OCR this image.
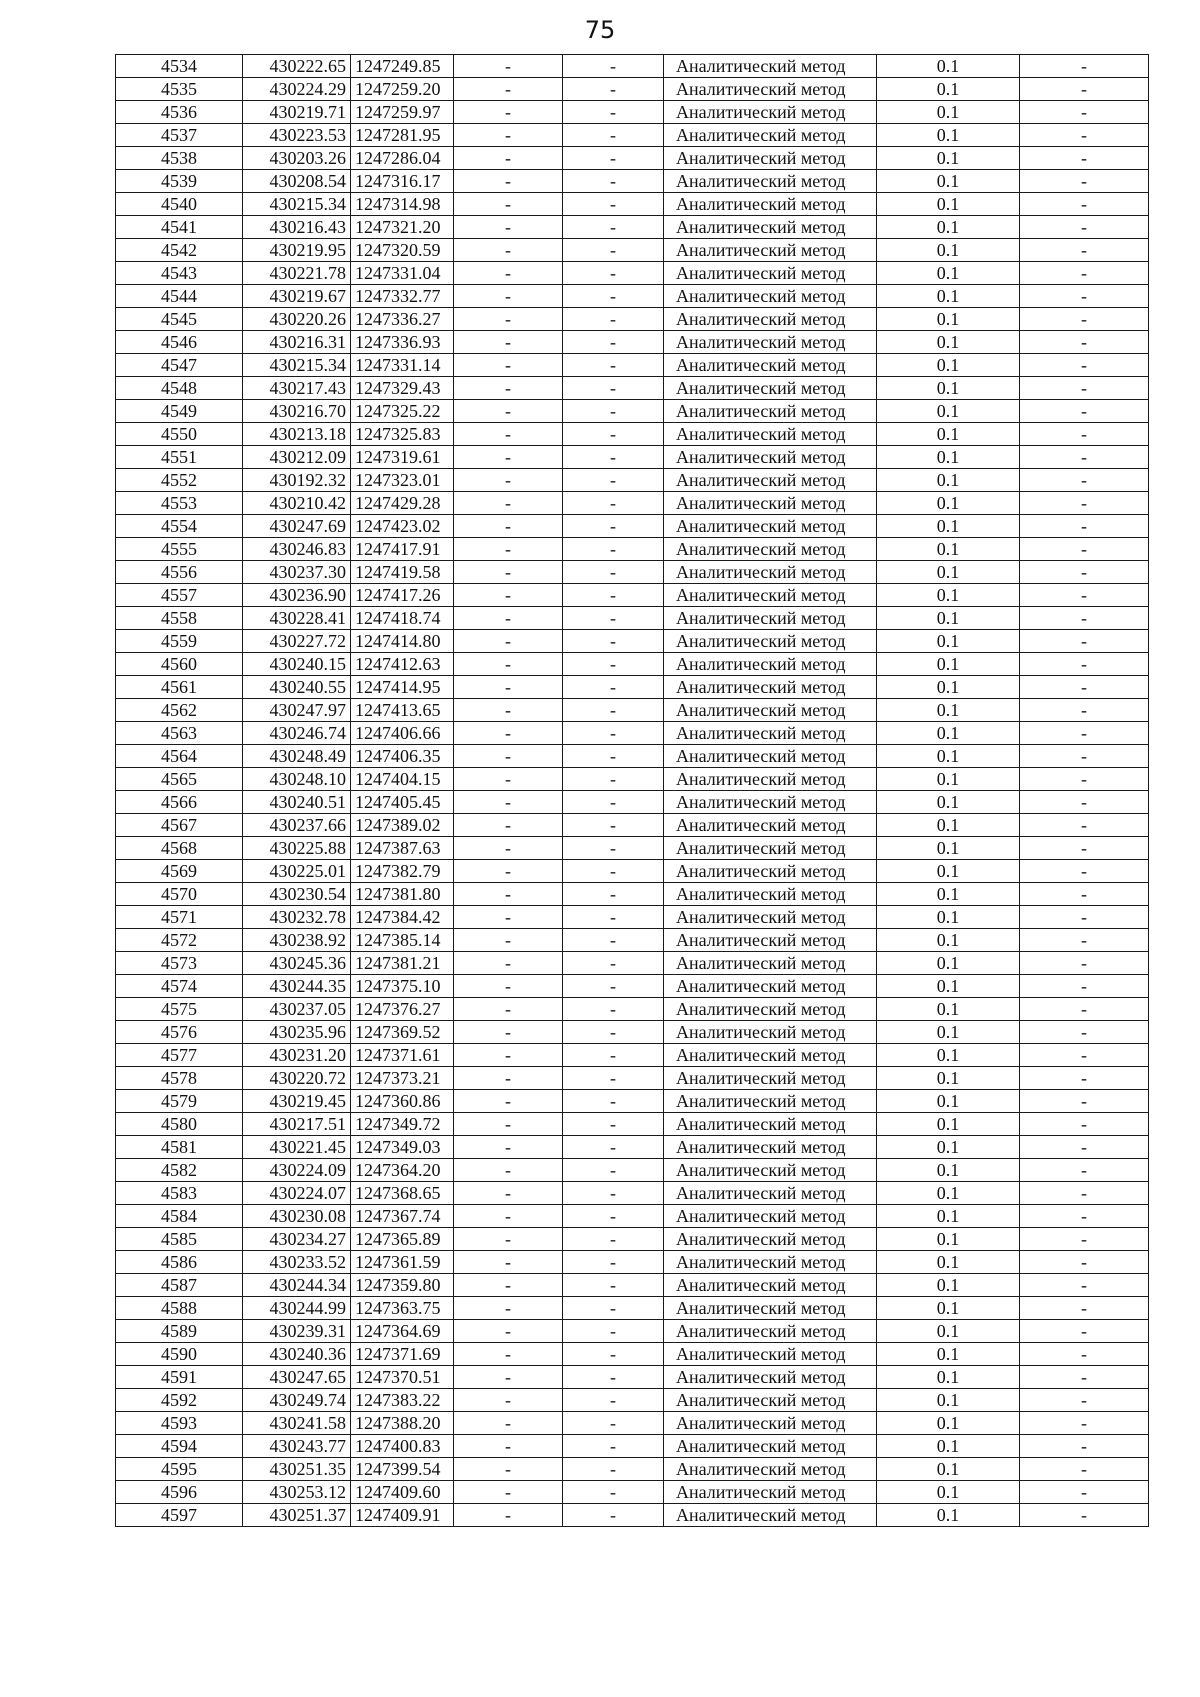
75
4534	430222.65	1247249.85	-	-	Аналитический метод	0.1	-
4535	430224.29	1247259.20	-	-	Аналитический метод	0.1	-
4536	430219.71	1247259.97	-	-	Аналитический метод	0.1	-
4537	430223.53	1247281.95	-	-	Аналитический метод	0.1	-
4538	430203.26	1247286.04	-	-	Аналитический метод	0.1	-
4539	430208.54	1247316.17	-	-	Аналитический метод	0.1	-
4540	430215.34	1247314.98	-	-	Аналитический метод	0.1	-
4541	430216.43	1247321.20	-	-	Аналитический метод	0.1	-
4542	430219.95	1247320.59	-	-	Аналитический метод	0.1	-
4543	430221.78	1247331.04	-	-	Аналитический метод	0.1	-
4544	430219.67	1247332.77	-	-	Аналитический метод	0.1	-
4545	430220.26	1247336.27	-	-	Аналитический метод	0.1	-
4546	430216.31	1247336.93	-	-	Аналитический метод	0.1	-
4547	430215.34	1247331.14	-	-	Аналитический метод	0.1	-
4548	430217.43	1247329.43	-	-	Аналитический метод	0.1	-
4549	430216.70	1247325.22	-	-	Аналитический метод	0.1	-
4550	430213.18	1247325.83	-	-	Аналитический метод	0.1	-
4551	430212.09	1247319.61	-	-	Аналитический метод	0.1	-
4552	430192.32	1247323.01	-	-	Аналитический метод	0.1	-
4553	430210.42	1247429.28	-	-	Аналитический метод	0.1	-
4554	430247.69	1247423.02	-	-	Аналитический метод	0.1	-
4555	430246.83	1247417.91	-	-	Аналитический метод	0.1	-
4556	430237.30	1247419.58	-	-	Аналитический метод	0.1	-
4557	430236.90	1247417.26	-	-	Аналитический метод	0.1	-
4558	430228.41	1247418.74	-	-	Аналитический метод	0.1	-
4559	430227.72	1247414.80	-	-	Аналитический метод	0.1	-
4560	430240.15	1247412.63	-	-	Аналитический метод	0.1	-
4561	430240.55	1247414.95	-	-	Аналитический метод	0.1	-
4562	430247.97	1247413.65	-	-	Аналитический метод	0.1	-
4563	430246.74	1247406.66	-	-	Аналитический метод	0.1	-
4564	430248.49	1247406.35	-	-	Аналитический метод	0.1	-
4565	430248.10	1247404.15	-	-	Аналитический метод	0.1	-
4566	430240.51	1247405.45	-	-	Аналитический метод	0.1	-
4567	430237.66	1247389.02	-	-	Аналитический метод	0.1	-
4568	430225.88	1247387.63	-	-	Аналитический метод	0.1	-
4569	430225.01	1247382.79	-	-	Аналитический метод	0.1	-
4570	430230.54	1247381.80	-	-	Аналитический метод	0.1	-
4571	430232.78	1247384.42	-	-	Аналитический метод	0.1	-
4572	430238.92	1247385.14	-	-	Аналитический метод	0.1	-
4573	430245.36	1247381.21	-	-	Аналитический метод	0.1	-
4574	430244.35	1247375.10	-	-	Аналитический метод	0.1	-
4575	430237.05	1247376.27	-	-	Аналитический метод	0.1	-
4576	430235.96	1247369.52	-	-	Аналитический метод	0.1	-
4577	430231.20	1247371.61	-	-	Аналитический метод	0.1	-
4578	430220.72	1247373.21	-	-	Аналитический метод	0.1	-
4579	430219.45	1247360.86	-	-	Аналитический метод	0.1	-
4580	430217.51	1247349.72	-	-	Аналитический метод	0.1	-
4581	430221.45	1247349.03	-	-	Аналитический метод	0.1	-
4582	430224.09	1247364.20	-	-	Аналитический метод	0.1	-
4583	430224.07	1247368.65	-	-	Аналитический метод	0.1	-
4584	430230.08	1247367.74	-	-	Аналитический метод	0.1	-
4585	430234.27	1247365.89	-	-	Аналитический метод	0.1	-
4586	430233.52	1247361.59	-	-	Аналитический метод	0.1	-
4587	430244.34	1247359.80	-	-	Аналитический метод	0.1	-
4588	430244.99	1247363.75	-	-	Аналитический метод	0.1	-
4589	430239.31	1247364.69	-	-	Аналитический метод	0.1	-
4590	430240.36	1247371.69	-	-	Аналитический метод	0.1	-
4591	430247.65	1247370.51	-	-	Аналитический метод	0.1	-
4592	430249.74	1247383.22	-	-	Аналитический метод	0.1	-
4593	430241.58	1247388.20	-	-	Аналитический метод	0.1	-
4594	430243.77	1247400.83	-	-	Аналитический метод	0.1	-
4595	430251.35	1247399.54	-	-	Аналитический метод	0.1	-
4596	430253.12	1247409.60	-	-	Аналитический метод	0.1	-
4597	430251.37	1247409.91	-	-	Аналитический метод	0.1	-
